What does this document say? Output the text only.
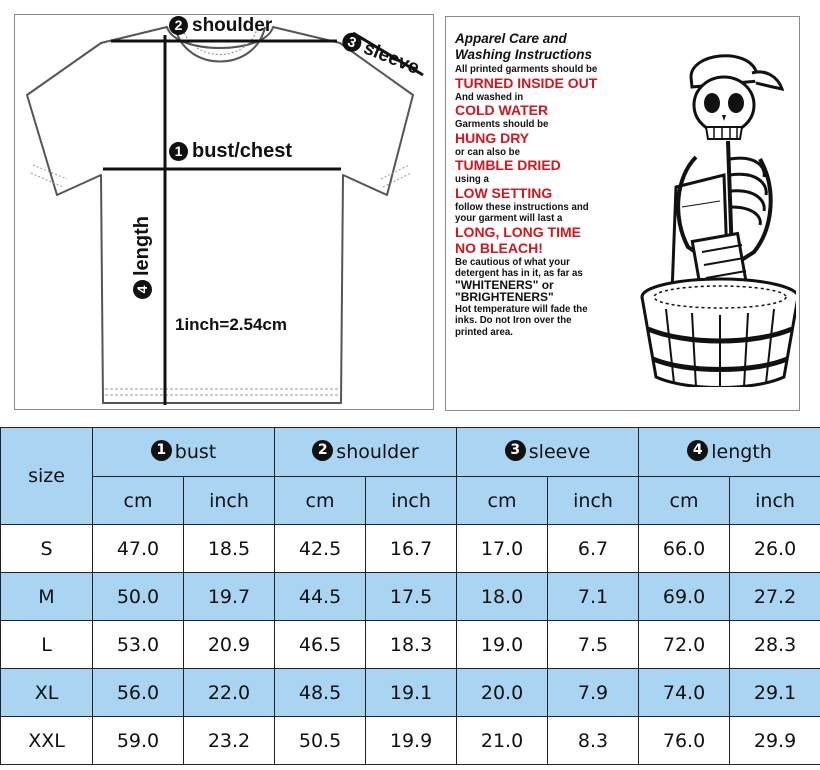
2 shoulder
3 sleeve
1 bust/chest
4length
1inch=2.54cm
Apparel Care and
Washing Instructions
All printed garments should be
TURNED INSIDE OUT
And washed in
COLD WATER
Garments should be
HUNG DRY
or can also be
TUMBLE DRIED
using a
LOW SETTING
follow these instructions and
your garment will last a
LONG, LONG TIME
NO BLEACH!
Be cautious of what your
detergent has in it, as far as
"WHITENERS" or
"BRIGHTENERS"
Hot temperature will fade the
inks. Do not Iron over the
printed area.
size	1 bust		2 shoulder		3 sleeve		4 length	
	cm	inch	cm	inch	cm	inch	cm	inch
S	47.0	18.5	42.5	16.7	17.0	6.7	66.0	26.0
M	50.0	19.7	44.5	17.5	18.0	7.1	69.0	27.2
L	53.0	20.9	46.5	18.3	19.0	7.5	72.0	28.3
XL	56.0	22.0	48.5	19.1	20.0	7.9	74.0	29.1
XXL	59.0	23.2	50.5	19.9	21.0	8.3	76.0	29.9
